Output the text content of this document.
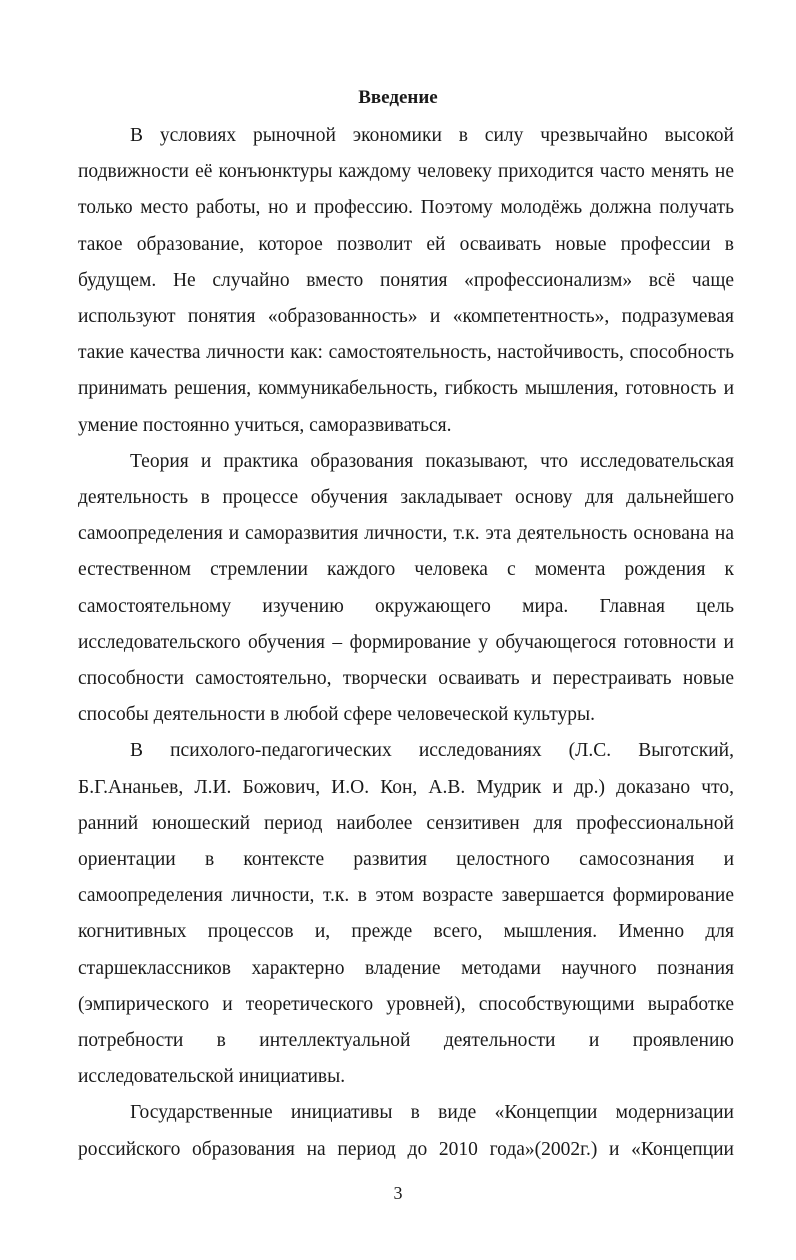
Введение

В условиях рыночной экономики в силу чрезвычайно высокой подвижности её конъюнктуры каждому человеку приходится часто менять не только место работы, но и профессию. Поэтому молодёжь должна получать такое образование, которое позволит ей осваивать новые профессии в будущем. Не случайно вместо понятия «профессионализм» всё чаще используют понятия «образованность» и «компетентность», подразумевая такие качества личности как: самостоятельность, настойчивость, способность принимать решения, коммуникабельность, гибкость мышления, готовность и умение постоянно учиться, саморазвиваться.

Теория и практика образования показывают, что исследовательская деятельность в процессе обучения закладывает основу для дальнейшего самоопределения и саморазвития личности, т.к. эта деятельность основана на естественном стремлении каждого человека с момента рождения к самостоятельному изучению окружающего мира. Главная цель исследовательского обучения – формирование у обучающегося готовности и способности самостоятельно, творчески осваивать и перестраивать новые способы деятельности в любой сфере человеческой культуры.

В психолого-педагогических исследованиях (Л.С. Выготский, Б.Г.Ананьев, Л.И. Божович, И.О. Кон, А.В. Мудрик и др.) доказано что, ранний юношеский период наиболее сензитивен для профессиональной ориентации в контексте развития целостного самосознания и самоопределения личности, т.к. в этом возрасте завершается формирование когнитивных процессов и, прежде всего, мышления. Именно для старшеклассников характерно владение методами научного познания (эмпирического и теоретического уровней), способствующими выработке потребности в интеллектуальной деятельности и проявлению исследовательской инициативы.

Государственные инициативы в виде «Концепции модернизации российского образования на период до 2010 года»(2002г.) и «Концепции

3
